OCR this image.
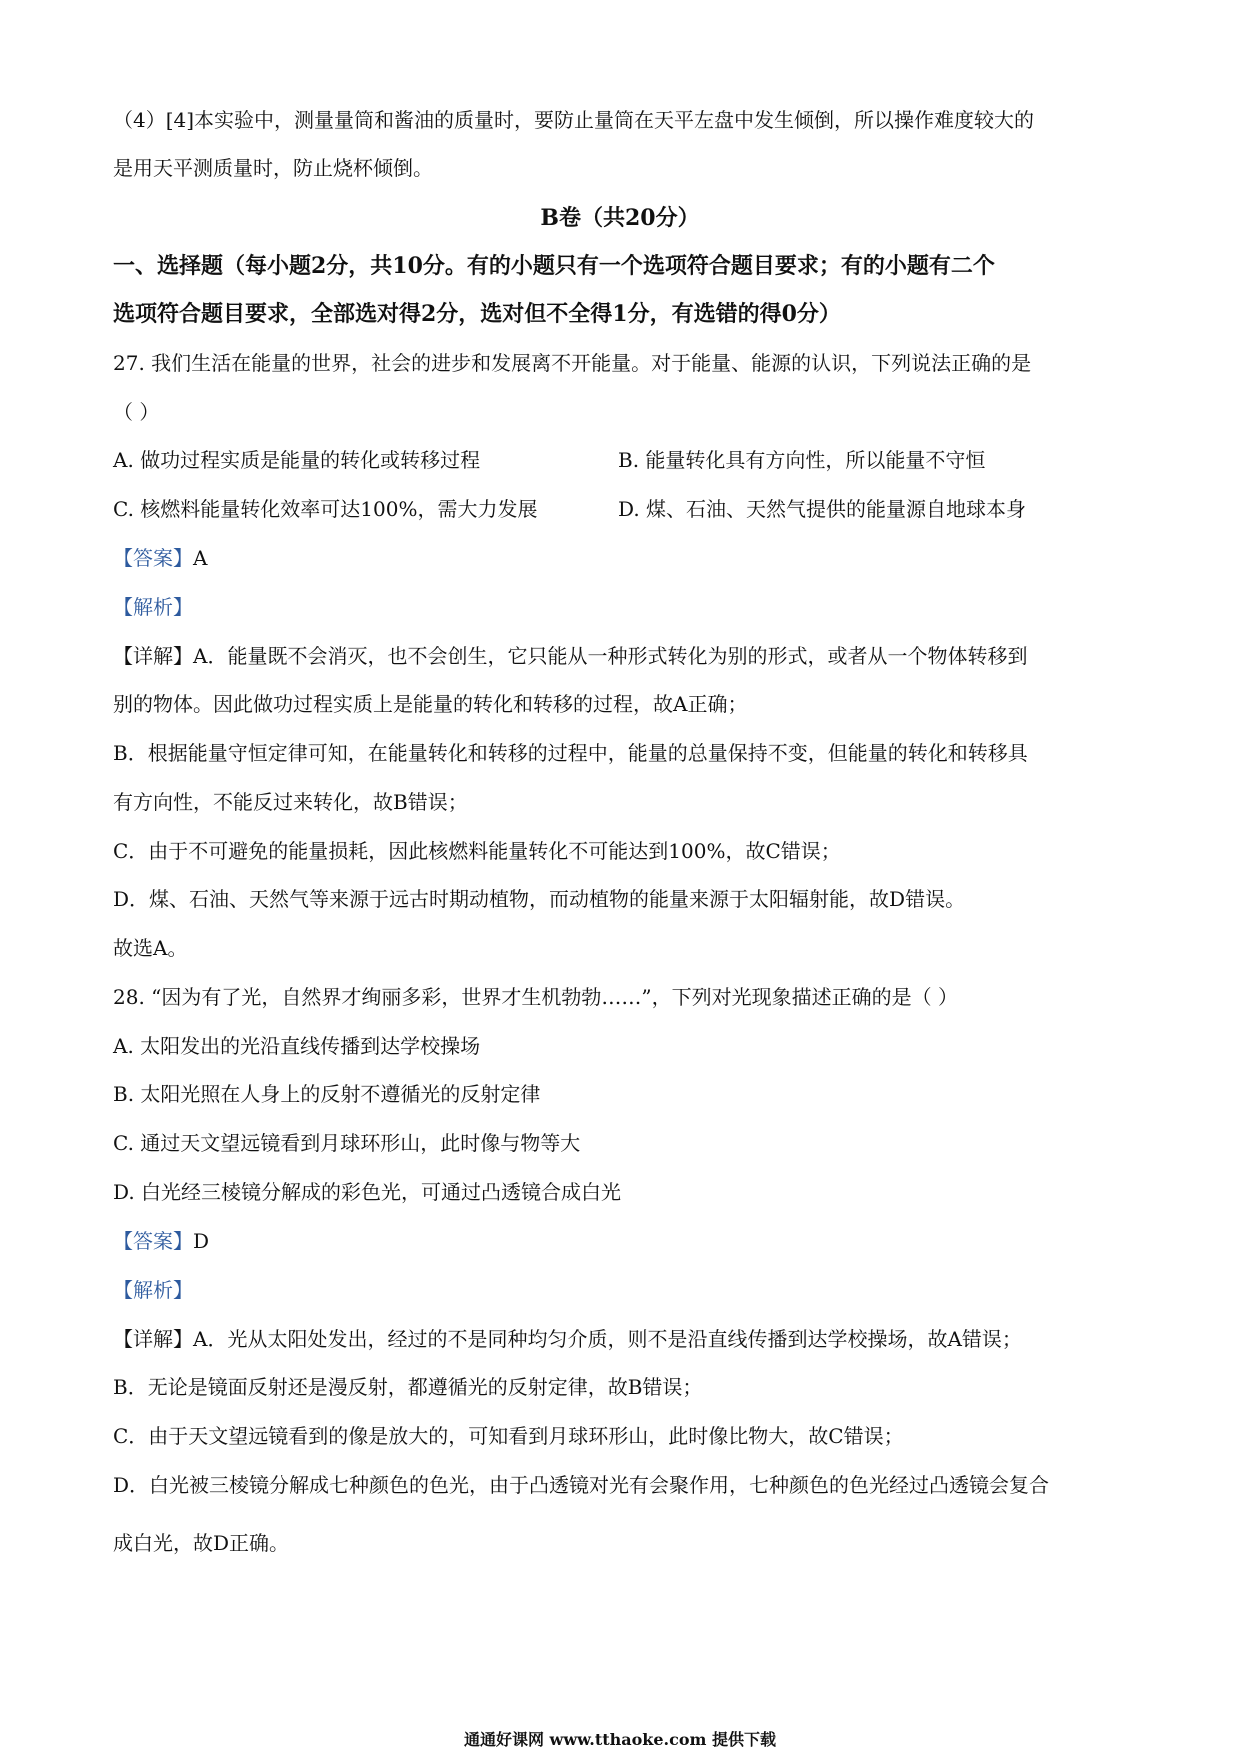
（4）[4]本实验中，测量量筒和酱油的质量时，要防止量筒在天平左盘中发生倾倒，所以操作难度较大的
是用天平测质量时，防止烧杯倾倒。
B卷（共20分）
一、选择题（每小题2分，共10分。有的小题只有一个选项符合题目要求；有的小题有二个
选项符合题目要求，全部选对得2分，选对但不全得1分，有选错的得0分）
27. 我们生活在能量的世界，社会的进步和发展离不开能量。对于能量、能源的认识，下列说法正确的是
（ ）
A. 做功过程实质是能量的转化或转移过程	B. 能量转化具有方向性，所以能量不守恒
C. 核燃料能量转化效率可达100%，需大力发展	D. 煤、石油、天然气提供的能量源自地球本身
【答案】A
【解析】
【详解】A．能量既不会消灭，也不会创生，它只能从一种形式转化为别的形式，或者从一个物体转移到
别的物体。因此做功过程实质上是能量的转化和转移的过程，故A正确；
B．根据能量守恒定律可知，在能量转化和转移的过程中，能量的总量保持不变，但能量的转化和转移具
有方向性，不能反过来转化，故B错误；
C．由于不可避免的能量损耗，因此核燃料能量转化不可能达到100%，故C错误；
D．煤、石油、天然气等来源于远古时期动植物，而动植物的能量来源于太阳辐射能，故D错误。
故选A。
28. “因为有了光，自然界才绚丽多彩，世界才生机勃勃……”，下列对光现象描述正确的是（ ）
A. 太阳发出的光沿直线传播到达学校操场
B. 太阳光照在人身上的反射不遵循光的反射定律
C. 通过天文望远镜看到月球环形山，此时像与物等大
D. 白光经三棱镜分解成的彩色光，可通过凸透镜合成白光
【答案】D
【解析】
【详解】A．光从太阳处发出，经过的不是同种均匀介质，则不是沿直线传播到达学校操场，故A错误；
B．无论是镜面反射还是漫反射，都遵循光的反射定律，故B错误；
C．由于天文望远镜看到的像是放大的，可知看到月球环形山，此时像比物大，故C错误；
D．白光被三棱镜分解成七种颜色的色光，由于凸透镜对光有会聚作用，七种颜色的色光经过凸透镜会复合
成白光，故D正确。
通通好课网 www.tthaoke.com 提供下载
